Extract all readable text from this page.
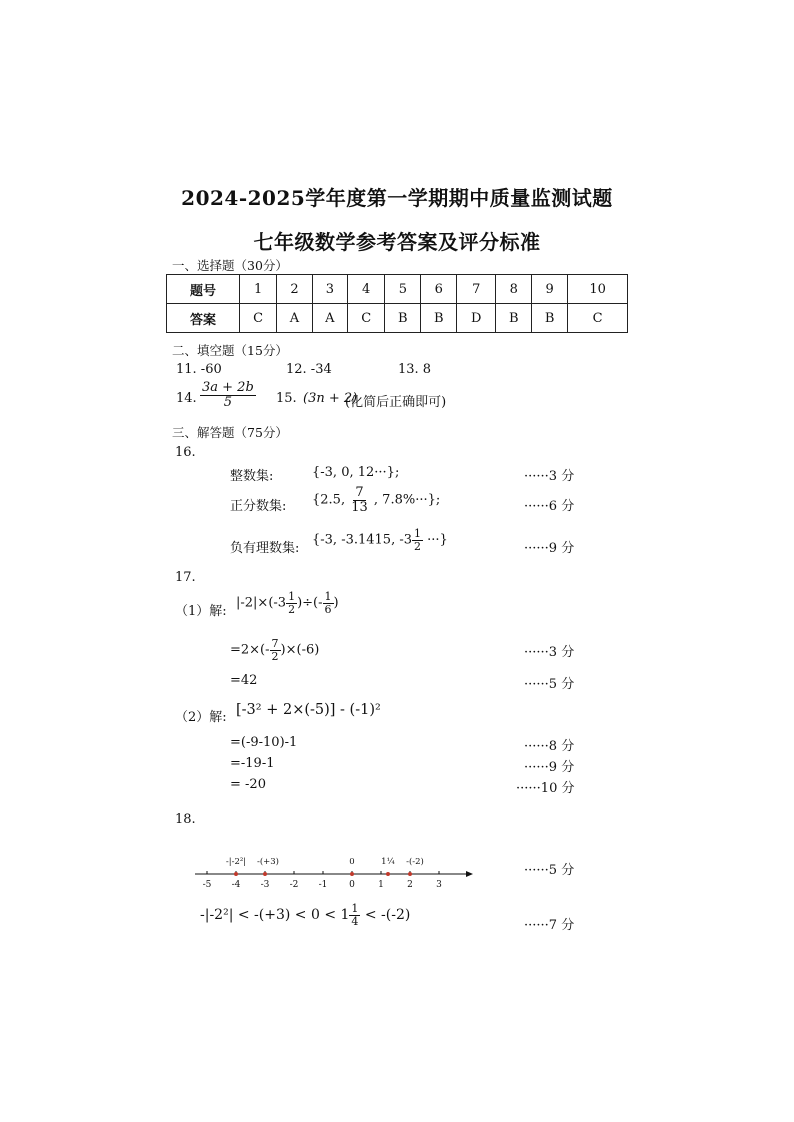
2024-2025学年度第一学期期中质量监测试题
七年级数学参考答案及评分标准
一、选择题（30分）
题号	1	2	3	4	5	6	7	8	9	10
答案	C	A	A	C	B	B	D	B	B	C
二、填空题（15分）
11. -60	12. -34	13. 8
14. $\frac{3a + 2b}{5} 15$. (3n + 2)
(化简后正确即可)
三、解答题（75分）
16.
整数集:	{-3, 0, 12···};	······3 分
正分数集: {2.5, $\frac{7}{13}$ , 7.8%···};	······6 分
负有理数集:
{-3, -3.1415, $-3 \frac{1}{2}$ ···}
······9 分
17.
（1）解:
$|-2|\times(-3 \frac{1}{2}$ )÷(- $\frac{1}{6}$ )
$=2\times(- \frac{7}{2} )\times(-6)$	······3 分
=42	······5 分
（2）解: [-3² + 2×(-5)] - (-1)²
=(-9-10)-1	······8 分
=-19-1	······9 分
= -20	······10 分
18.
-5 -4 -3 -2 -1 0	1	2	3
-|-2²| -(+3)	0	1¼ -(-2)
······5 分
$-|-2^2| < -(+3) < 0 < 1 \frac{1}{4} < -(-2)$
······7 分
